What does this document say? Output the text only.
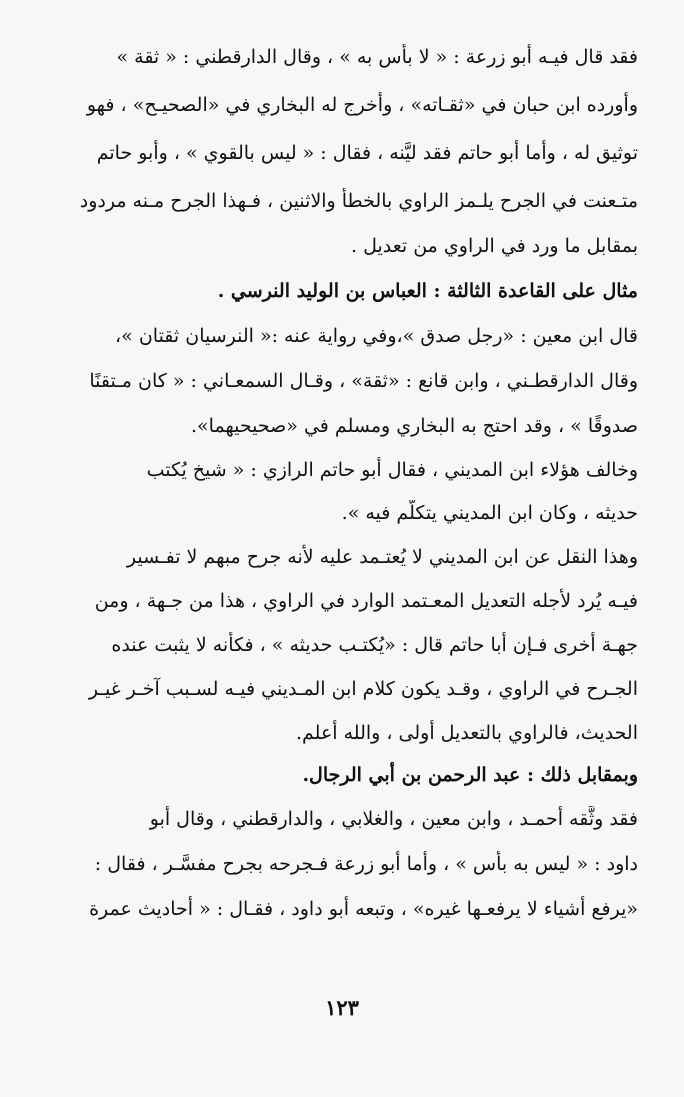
فقد قال فيـه أبو زرعة : « لا بأس به » ، وقال الدارقطني : « ثقة »
وأورده ابن حبان في «ثقـاته» ، وأخرج له البخاري في «الصحيـح» ، فهو
توثيق له ، وأما أبو حاتم فقد ليَّنه ، فقال : « ليس بالقوي » ، وأبو حاتم
متـعنت في الجرح يلـمز الراوي بالخطأ والاثنين ، فـهذا الجرح مـنه مردود
بمقابل ما ورد في الراوي من تعديل .
مثال على القاعدة الثالثة : العباس بن الوليد النرسي .
قال ابن معين : «رجل صدق »،وفي رواية عنه :« النرسيان ثقتان »،
وقال الدارقطـني ، وابن قانع : «ثقة» ، وقـال السمعـاني : « كان مـتقنًا
صدوقًا » ، وقد احتج به البخاري ومسلم في «صحيحيهما».
وخالف هؤلاء ابن المديني ، فقال أبو حاتم الرازي : « شيخ يُكتب
حديثه ، وكان ابن المديني يتكلَّم فيه ».
وهذا النقل عن ابن المديني لا يُعتـمد عليه لأنه جرح مبهم لا تفـسير
فيـه يُرد لأجله التعديل المعـتمد الوارد في الراوي ، هذا من جـهة ، ومن
جهـة أخرى فـإن أبا حاتم قال : «يُكتـب حديثه » ، فكأنه لا يثبت عنده
الجـرح في الراوي ، وقـد يكون كلام ابن المـديني فيـه لسـبب آخـر غيـر
الحديث، فالراوي بالتعديل أولى ، والله أعلم.
وبمقابل ذلك : عبد الرحمن بن أبي الرجال.
فقد وثَّقه أحمـد ، وابن معين ، والغلابي ، والدارقطني ، وقال أبو
داود : « ليس به بأس » ، وأما أبو زرعة فـجرحه بجرح مفسَّـر ، فقال :
«يرفع أشياء لا يرفعـها غيره» ، وتبعه أبو داود ، فقـال : « أحاديث عمرة
١٢٣
